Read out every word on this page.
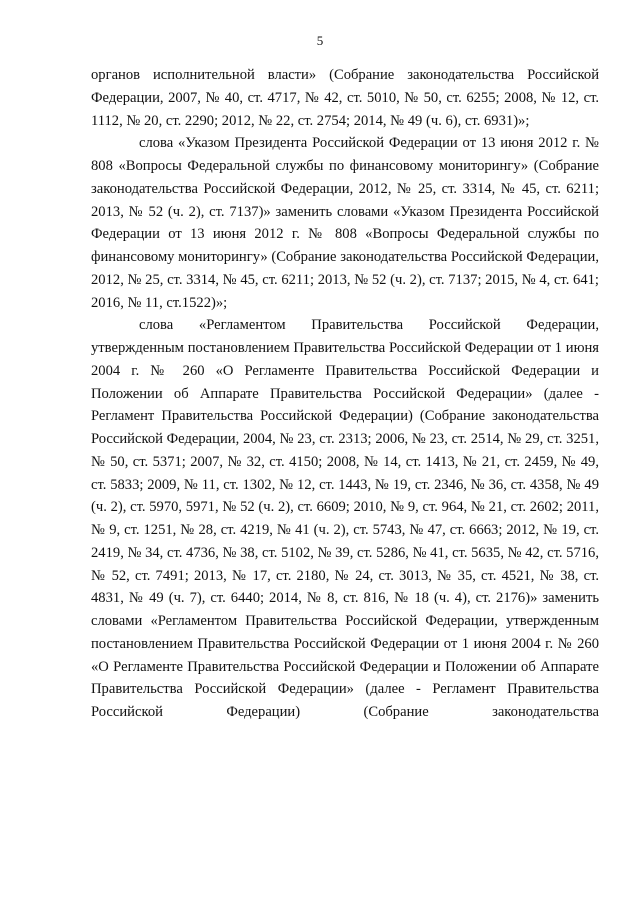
5

органов исполнительной власти» (Собрание законодательства Российской Федерации, 2007, № 40, ст. 4717, № 42, ст. 5010, № 50, ст. 6255; 2008, № 12, ст. 1112, № 20, ст. 2290; 2012, № 22, ст. 2754; 2014, № 49 (ч. 6), ст. 6931)»;

слова «Указом Президента Российской Федерации от 13 июня 2012 г. № 808 «Вопросы Федеральной службы по финансовому мониторингу» (Собрание законодательства Российской Федерации, 2012, № 25, ст. 3314, № 45, ст. 6211; 2013, № 52 (ч. 2), ст. 7137)» заменить словами «Указом Президента Российской Федерации от 13 июня 2012 г. № 808 «Вопросы Федеральной службы по финансовому мониторингу» (Собрание законодательства Российской Федерации, 2012, № 25, ст. 3314, № 45, ст. 6211; 2013, № 52 (ч. 2), ст. 7137; 2015, № 4, ст. 641; 2016, № 11, ст.1522)»;

слова «Регламентом Правительства Российской Федерации, утвержденным постановлением Правительства Российской Федерации от 1 июня 2004 г. № 260 «О Регламенте Правительства Российской Федерации и Положении об Аппарате Правительства Российской Федерации» (далее - Регламент Правительства Российской Федерации) (Собрание законодательства Российской Федерации, 2004, № 23, ст. 2313; 2006, № 23, ст. 2514, № 29, ст. 3251, № 50, ст. 5371; 2007, № 32, ст. 4150; 2008, № 14, ст. 1413, № 21, ст. 2459, № 49, ст. 5833; 2009, № 11, ст. 1302, № 12, ст. 1443, № 19, ст. 2346, № 36, ст. 4358, № 49 (ч. 2), ст. 5970, 5971, № 52 (ч. 2), ст. 6609; 2010, № 9, ст. 964, № 21, ст. 2602; 2011, № 9, ст. 1251, № 28, ст. 4219, № 41 (ч. 2), ст. 5743, № 47, ст. 6663; 2012, № 19, ст. 2419, № 34, ст. 4736, № 38, ст. 5102, № 39, ст. 5286, № 41, ст. 5635, № 42, ст. 5716, № 52, ст. 7491; 2013, № 17, ст. 2180, № 24, ст. 3013, № 35, ст. 4521, № 38, ст. 4831, № 49 (ч. 7), ст. 6440; 2014, № 8, ст. 816, № 18 (ч. 4), ст. 2176)» заменить словами «Регламентом Правительства Российской Федерации, утвержденным постановлением Правительства Российской Федерации от 1 июня 2004 г. № 260 «О Регламенте Правительства Российской Федерации и Положении об Аппарате Правительства Российской Федерации» (далее - Регламент Правительства Российской Федерации) (Собрание законодательства
